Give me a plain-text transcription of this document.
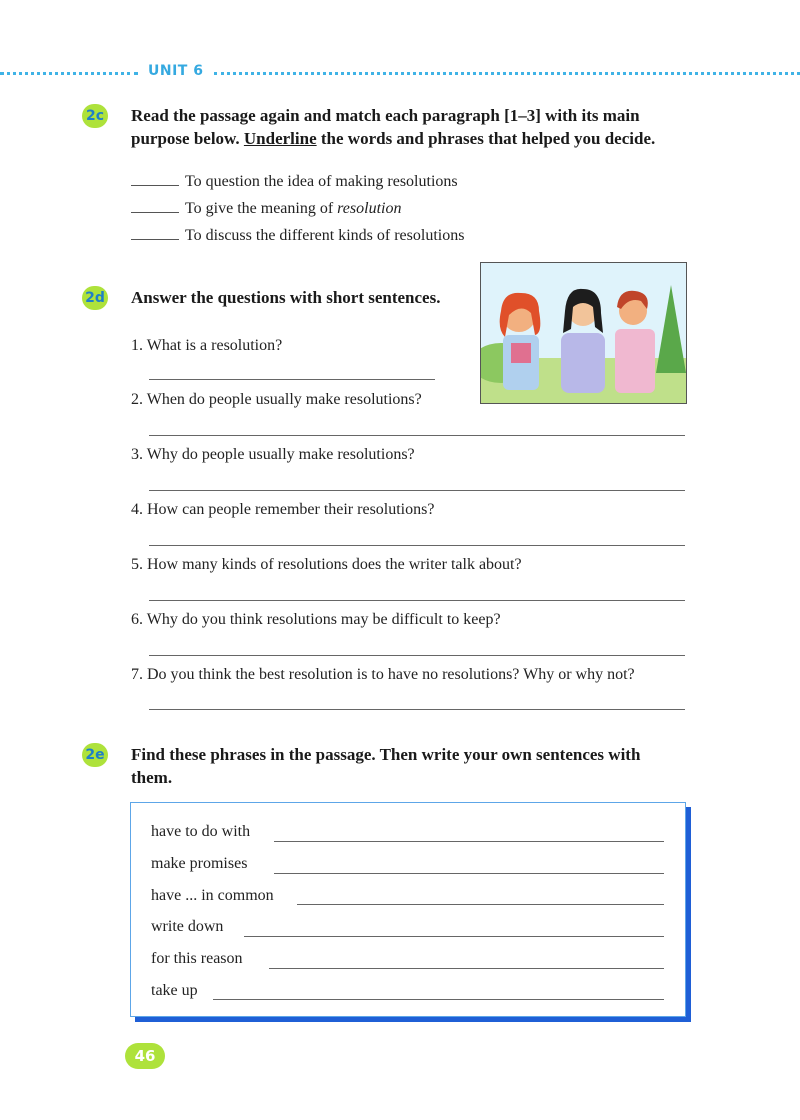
UNIT 6
2c Read the passage again and match each paragraph [1–3] with its main
purpose below. Underline the words and phrases that helped you decide.
To question the idea of making resolutions
To give the meaning of resolution
To discuss the different kinds of resolutions
2d Answer the questions with short sentences.
1. What is a resolution?
2. When do people usually make resolutions?
3. Why do people usually make resolutions?
4. How can people remember their resolutions?
5. How many kinds of resolutions does the writer talk about?
6. Why do you think resolutions may be difficult to keep?
7. Do you think the best resolution is to have no resolutions? Why or why not?
2e Find these phrases in the passage. Then write your own sentences with
them.
have to do with
make promises
have ... in common
write down
for this reason
take up
46
